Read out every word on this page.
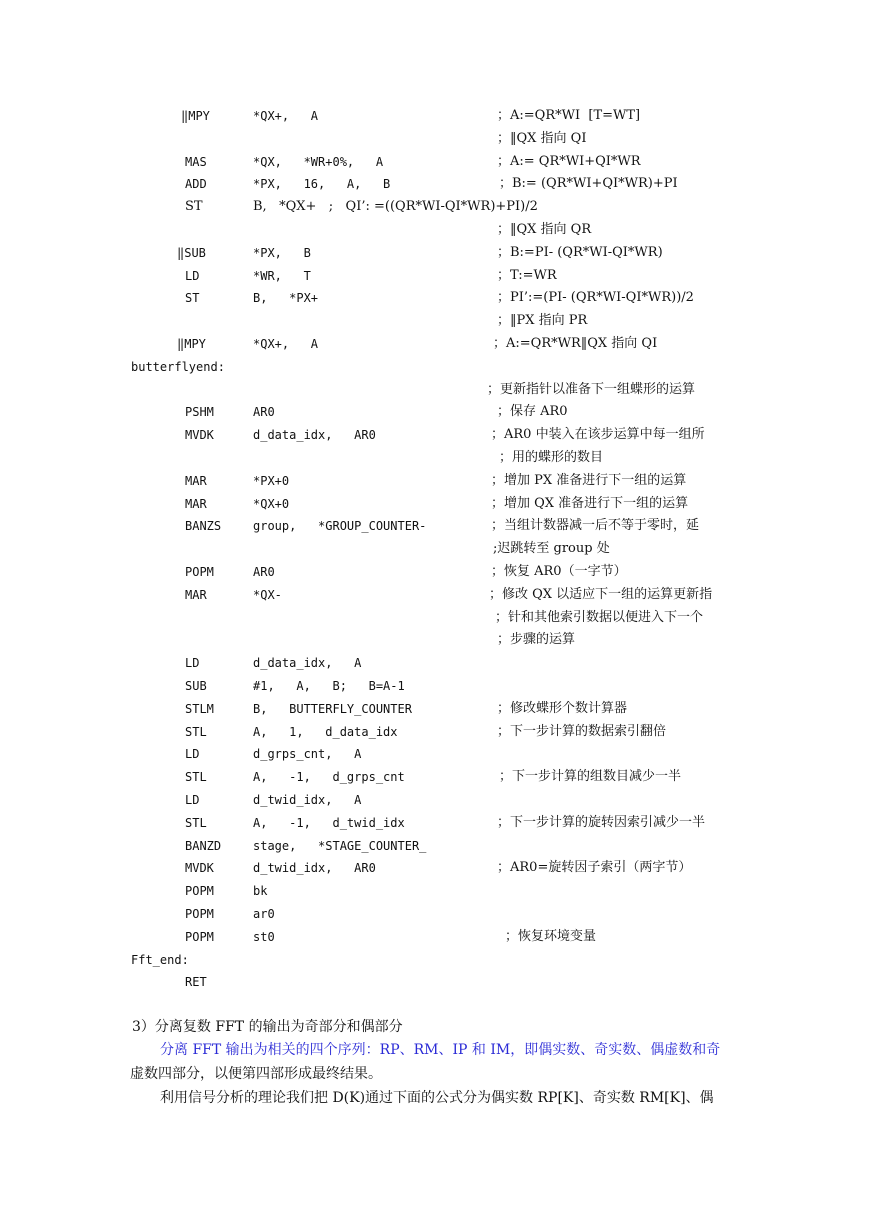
‖MPY	*QX+,   A	；A:=QR*WI  [T=WT]
；‖QX 指向 QI
MAS	*QX,   *WR+0%,   A	；A:= QR*WI+QI*WR
ADD	*PX,   16,   A,   B	；B:= (QR*WI+QI*WR)+PI
ST	B,   *QX+   ;   QI’: =((QR*WI-QI*WR)+PI)/2
；‖QX 指向 QR
‖SUB	*PX,   B	；B:=PI- (QR*WI-QI*WR)
LD	*WR,   T	；T:=WR
ST	B,   *PX+	；PI’:=(PI- (QR*WI-QI*WR))/2
；‖PX 指向 PR
‖MPY	*QX+,   A	；A:=QR*WR‖QX 指向 QI
butterflyend:
；更新指针以准备下一组蝶形的运算
PSHM	AR0	；保存 AR0
MVDK	d_data_idx,   AR0	；AR0 中装入在该步运算中每一组所
；用的蝶形的数目
MAR	*PX+0	；增加 PX 准备进行下一组的运算
MAR	*QX+0	；增加 QX 准备进行下一组的运算
BANZS	group,   *GROUP_COUNTER-	；当组计数器减一后不等于零时，延
;迟跳转至 group 处
POPM	AR0	；恢复 AR0（一字节）
MAR	*QX-	；修改 QX 以适应下一组的运算更新指
；针和其他索引数据以便进入下一个
；步骤的运算
LD	d_data_idx,   A
SUB	#1,   A,   B;   B=A-1
STLM	B,   BUTTERFLY_COUNTER	；修改蝶形个数计算器
STL	A,   1,   d_data_idx	；下一步计算的数据索引翻倍
LD	d_grps_cnt,   A
STL	A,   -1,   d_grps_cnt	；下一步计算的组数目减少一半
LD	d_twid_idx,   A
STL	A,   -1,   d_twid_idx	；下一步计算的旋转因索引减少一半
BANZD	stage,   *STAGE_COUNTER_
MVDK	d_twid_idx,   AR0	；AR0=旋转因子索引（两字节）
POPM	bk
POPM	ar0
POPM	st0	；恢复环境变量
Fft_end:
RET
3）分离复数 FFT 的输出为奇部分和偶部分
分离 FFT 输出为相关的四个序列：RP、RM、IP 和 IM，即偶实数、奇实数、偶虚数和奇
虚数四部分，以便第四部形成最终结果。
利用信号分析的理论我们把 D(K)通过下面的公式分为偶实数 RP[K]、奇实数 RM[K]、偶
